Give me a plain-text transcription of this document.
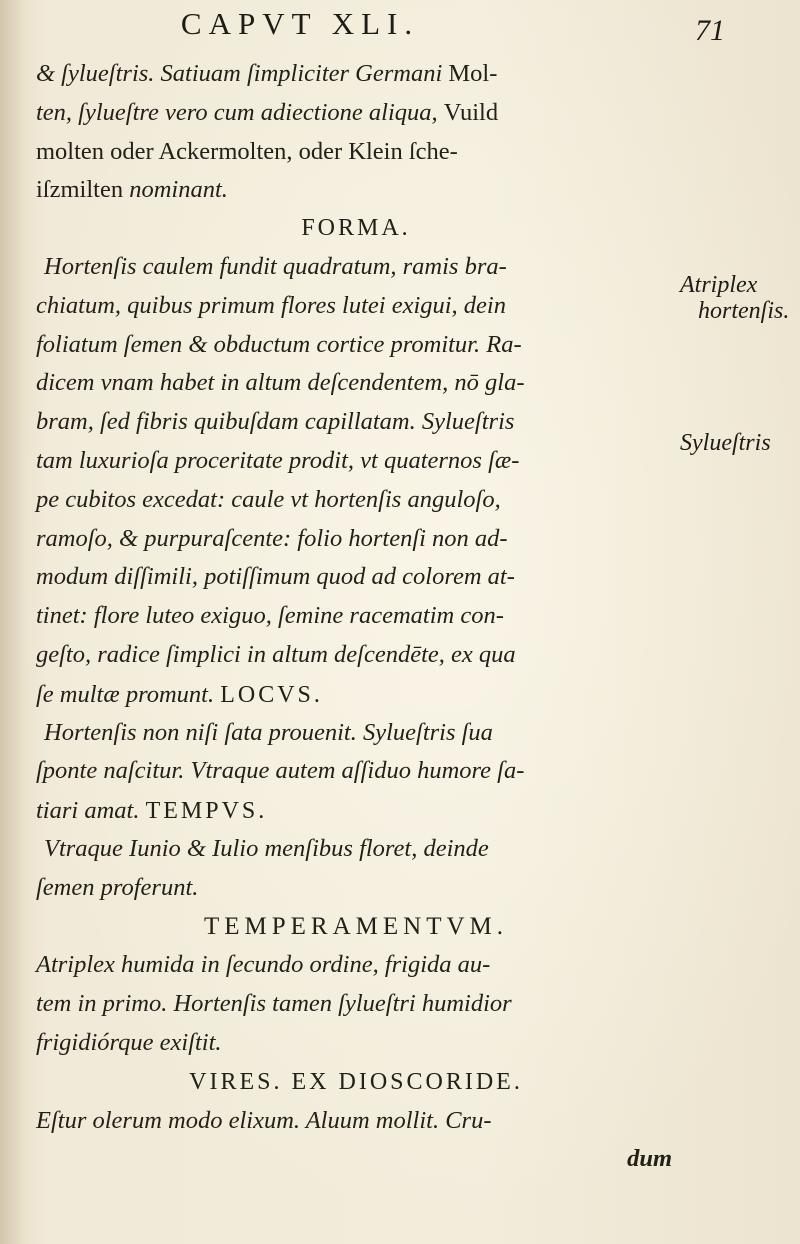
CAPVT XLI.	71
& ſylueſtris. Satiuam ſimpliciter Germani Mol-
ten, ſylueſtre vero cum adiectione aliqua, Vuild
molten oder Ackermolten, oder Klein ſche-
iſzmilten nominant.
FORMA.
Hortenſis caulem fundit quadratum, ramis bra-
chiatum, quibus primum flores lutei exigui, dein
foliatum ſemen & obductum cortice promitur. Ra-
dicem vnam habet in altum deſcendentem, nō gla-
bram, ſed fibris quibuſdam capillatam. Sylueſtris
tam luxurioſa proceritate prodit, vt quaternos ſæ-
pe cubitos excedat: caule vt hortenſis anguloſo,
ramoſo, & purpuraſcente: folio hortenſi non ad-
modum diſſimili, potiſſimum quod ad colorem at-
tinet: flore luteo exiguo, ſemine racematim con-
geſto, radice ſimplici in altum deſcendēte, ex qua
ſe multæ promunt. LOCVS.
Hortenſis non niſi ſata prouenit. Sylueſtris ſua
ſponte naſcitur. Vtraque autem aſſiduo humore ſa-
tiari amat. TEMPVS.
Vtraque Iunio & Iulio menſibus floret, deinde
ſemen proferunt.
TEMPERAMENTVM.
Atriplex humida in ſecundo ordine, frigida au-
tem in primo. Hortenſis tamen ſylueſtri humidior
frigidiórque exiſtit.
VIRES. EX DIOSCORIDE.
Eſtur olerum modo elixum. Aluum mollit. Cru-
dum
Atriplex
hortenſis.
Sylueſtris
